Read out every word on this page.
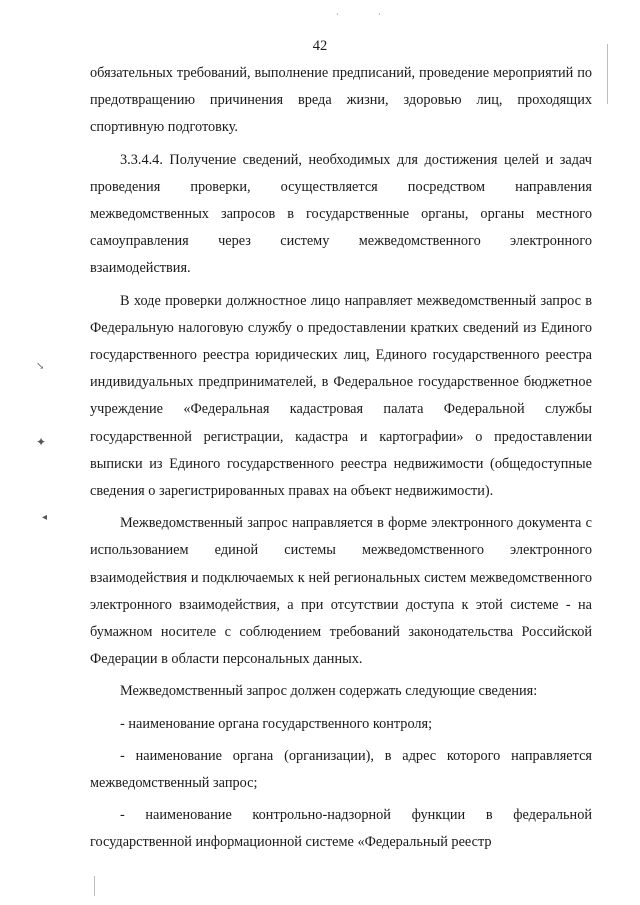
42

обязательных требований, выполнение предписаний, проведение мероприятий по предотвращению причинения вреда жизни, здоровью лиц, проходящих спортивную подготовку.

3.3.4.4. Получение сведений, необходимых для достижения целей и задач проведения проверки, осуществляется посредством направления межведомственных запросов в государственные органы, органы местного самоуправления через систему межведомственного электронного взаимодействия.

В ходе проверки должностное лицо направляет межведомственный запрос в Федеральную налоговую службу о предоставлении кратких сведений из Единого государственного реестра юридических лиц, Единого государственного реестра индивидуальных предпринимателей, в Федеральное государственное бюджетное учреждение «Федеральная кадастровая палата Федеральной службы государственной регистрации, кадастра и картографии» о предоставлении выписки из Единого государственного реестра недвижимости (общедоступные сведения о зарегистрированных правах на объект недвижимости).

Межведомственный запрос направляется в форме электронного документа с использованием единой системы межведомственного электронного взаимодействия и подключаемых к ней региональных систем межведомственного электронного взаимодействия, а при отсутствии доступа к этой системе - на бумажном носителе с соблюдением требований законодательства Российской Федерации в области персональных данных.

Межведомственный запрос должен содержать следующие сведения:

- наименование органа государственного контроля;

- наименование органа (организации), в адрес которого направляется межведомственный запрос;

- наименование контрольно-надзорной функции в федеральной государственной информационной системе «Федеральный реестр

↘
✦
◂
·	·
